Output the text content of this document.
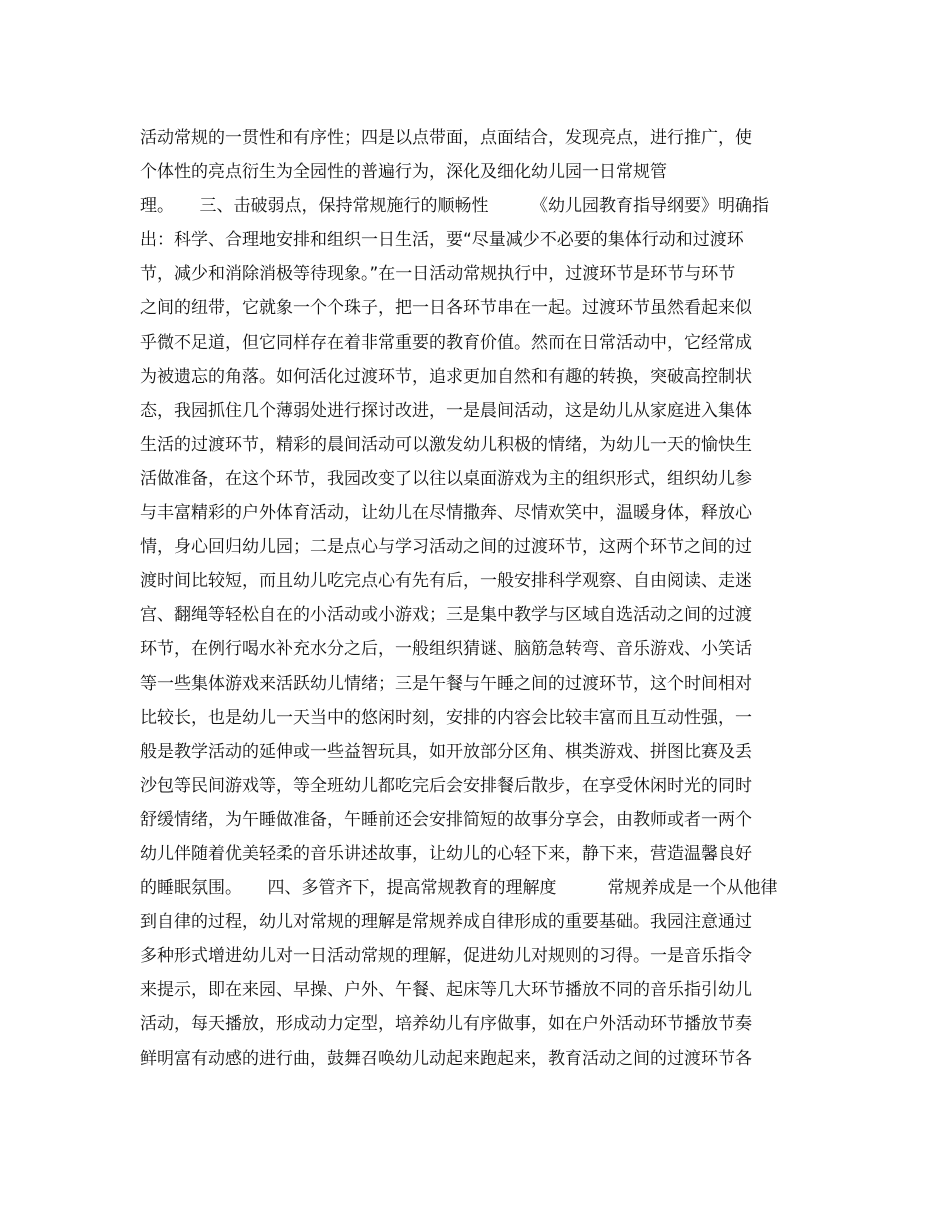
活动常规的一贯性和有序性；四是以点带面，点面结合，发现亮点，进行推广，使
个体性的亮点衍生为全园性的普遍行为，深化及细化幼儿园一日常规管
理。　　三、击破弱点，保持常规施行的顺畅性　　　《幼儿园教育指导纲要》明确指
出：科学、合理地安排和组织一日生活，要“尽量减少不必要的集体行动和过渡环
节，减少和消除消极等待现象。”在一日活动常规执行中，过渡环节是环节与环节
之间的纽带，它就象一个个珠子，把一日各环节串在一起。过渡环节虽然看起来似
乎微不足道，但它同样存在着非常重要的教育价值。然而在日常活动中，它经常成
为被遗忘的角落。如何活化过渡环节，追求更加自然和有趣的转换，突破高控制状
态，我园抓住几个薄弱处进行探讨改进，一是晨间活动，这是幼儿从家庭进入集体
生活的过渡环节，精彩的晨间活动可以激发幼儿积极的情绪，为幼儿一天的愉快生
活做准备，在这个环节，我园改变了以往以桌面游戏为主的组织形式，组织幼儿参
与丰富精彩的户外体育活动，让幼儿在尽情撒奔、尽情欢笑中，温暖身体，释放心
情，身心回归幼儿园；二是点心与学习活动之间的过渡环节，这两个环节之间的过
渡时间比较短，而且幼儿吃完点心有先有后，一般安排科学观察、自由阅读、走迷
宫、翻绳等轻松自在的小活动或小游戏；三是集中教学与区域自选活动之间的过渡
环节，在例行喝水补充水分之后，一般组织猜谜、脑筋急转弯、音乐游戏、小笑话
等一些集体游戏来活跃幼儿情绪；三是午餐与午睡之间的过渡环节，这个时间相对
比较长，也是幼儿一天当中的悠闲时刻，安排的内容会比较丰富而且互动性强，一
般是教学活动的延伸或一些益智玩具，如开放部分区角、棋类游戏、拼图比赛及丢
沙包等民间游戏等，等全班幼儿都吃完后会安排餐后散步，在享受休闲时光的同时
舒缓情绪，为午睡做准备，午睡前还会安排简短的故事分享会，由教师或者一两个
幼儿伴随着优美轻柔的音乐讲述故事，让幼儿的心轻下来，静下来，营造温馨良好
的睡眠氛围。　　四、多管齐下，提高常规教育的理解度　　　常规养成是一个从他律
到自律的过程，幼儿对常规的理解是常规养成自律形成的重要基础。我园注意通过
多种形式增进幼儿对一日活动常规的理解，促进幼儿对规则的习得。一是音乐指令
来提示，即在来园、早操、户外、午餐、起床等几大环节播放不同的音乐指引幼儿
活动，每天播放，形成动力定型，培养幼儿有序做事，如在户外活动环节播放节奏
鲜明富有动感的进行曲，鼓舞召唤幼儿动起来跑起来，教育活动之间的过渡环节各
